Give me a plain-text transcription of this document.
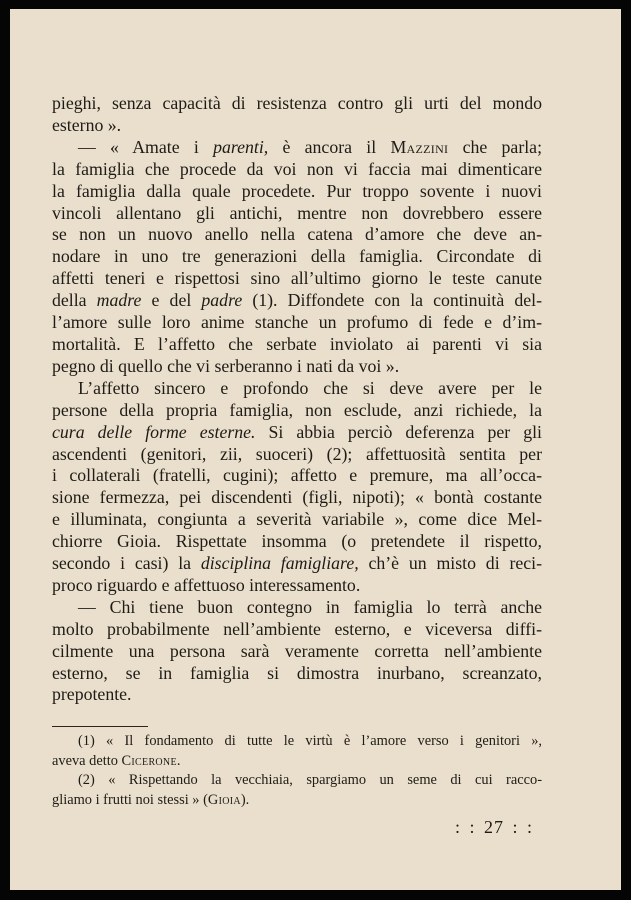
pieghi, senza capacità di resistenza contro gli urti del mondo
esterno ».
— « Amate i parenti, è ancora il Mazzini che parla;
la famiglia che procede da voi non vi faccia mai dimenticare
la famiglia dalla quale procedete. Pur troppo sovente i nuovi
vincoli allentano gli antichi, mentre non dovrebbero essere
se non un nuovo anello nella catena d’amore che deve an-
nodare in uno tre generazioni della famiglia. Circondate di
affetti teneri e rispettosi sino all’ultimo giorno le teste canute
della madre e del padre (1). Diffondete con la continuità del-
l’amore sulle loro anime stanche un profumo di fede e d’im-
mortalità. E l’affetto che serbate inviolato ai parenti vi sia
pegno di quello che vi serberanno i nati da voi ».
L’affetto sincero e profondo che si deve avere per le
persone della propria famiglia, non esclude, anzi richiede, la
cura delle forme esterne. Si abbia perciò deferenza per gli
ascendenti (genitori, zii, suoceri) (2); affettuosità sentita per
i collaterali (fratelli, cugini); affetto e premure, ma all’occa-
sione fermezza, pei discendenti (figli, nipoti); « bontà costante
e illuminata, congiunta a severità variabile », come dice Mel-
chiorre Gioia. Rispettate insomma (o pretendete il rispetto,
secondo i casi) la disciplina famigliare, ch’è un misto di reci-
proco riguardo e affettuoso interessamento.
— Chi tiene buon contegno in famiglia lo terrà anche
molto probabilmente nell’ambiente esterno, e viceversa diffi-
cilmente una persona sarà veramente corretta nell’ambiente
esterno, se in famiglia si dimostra inurbano, screanzato,
prepotente.
(1) « Il fondamento di tutte le virtù è l’amore verso i genitori »,
aveva detto Cicerone.
(2) « Rispettando la vecchiaia, spargiamo un seme di cui racco-
gliamo i frutti noi stessi » (Gioia).
: : 27 : :
